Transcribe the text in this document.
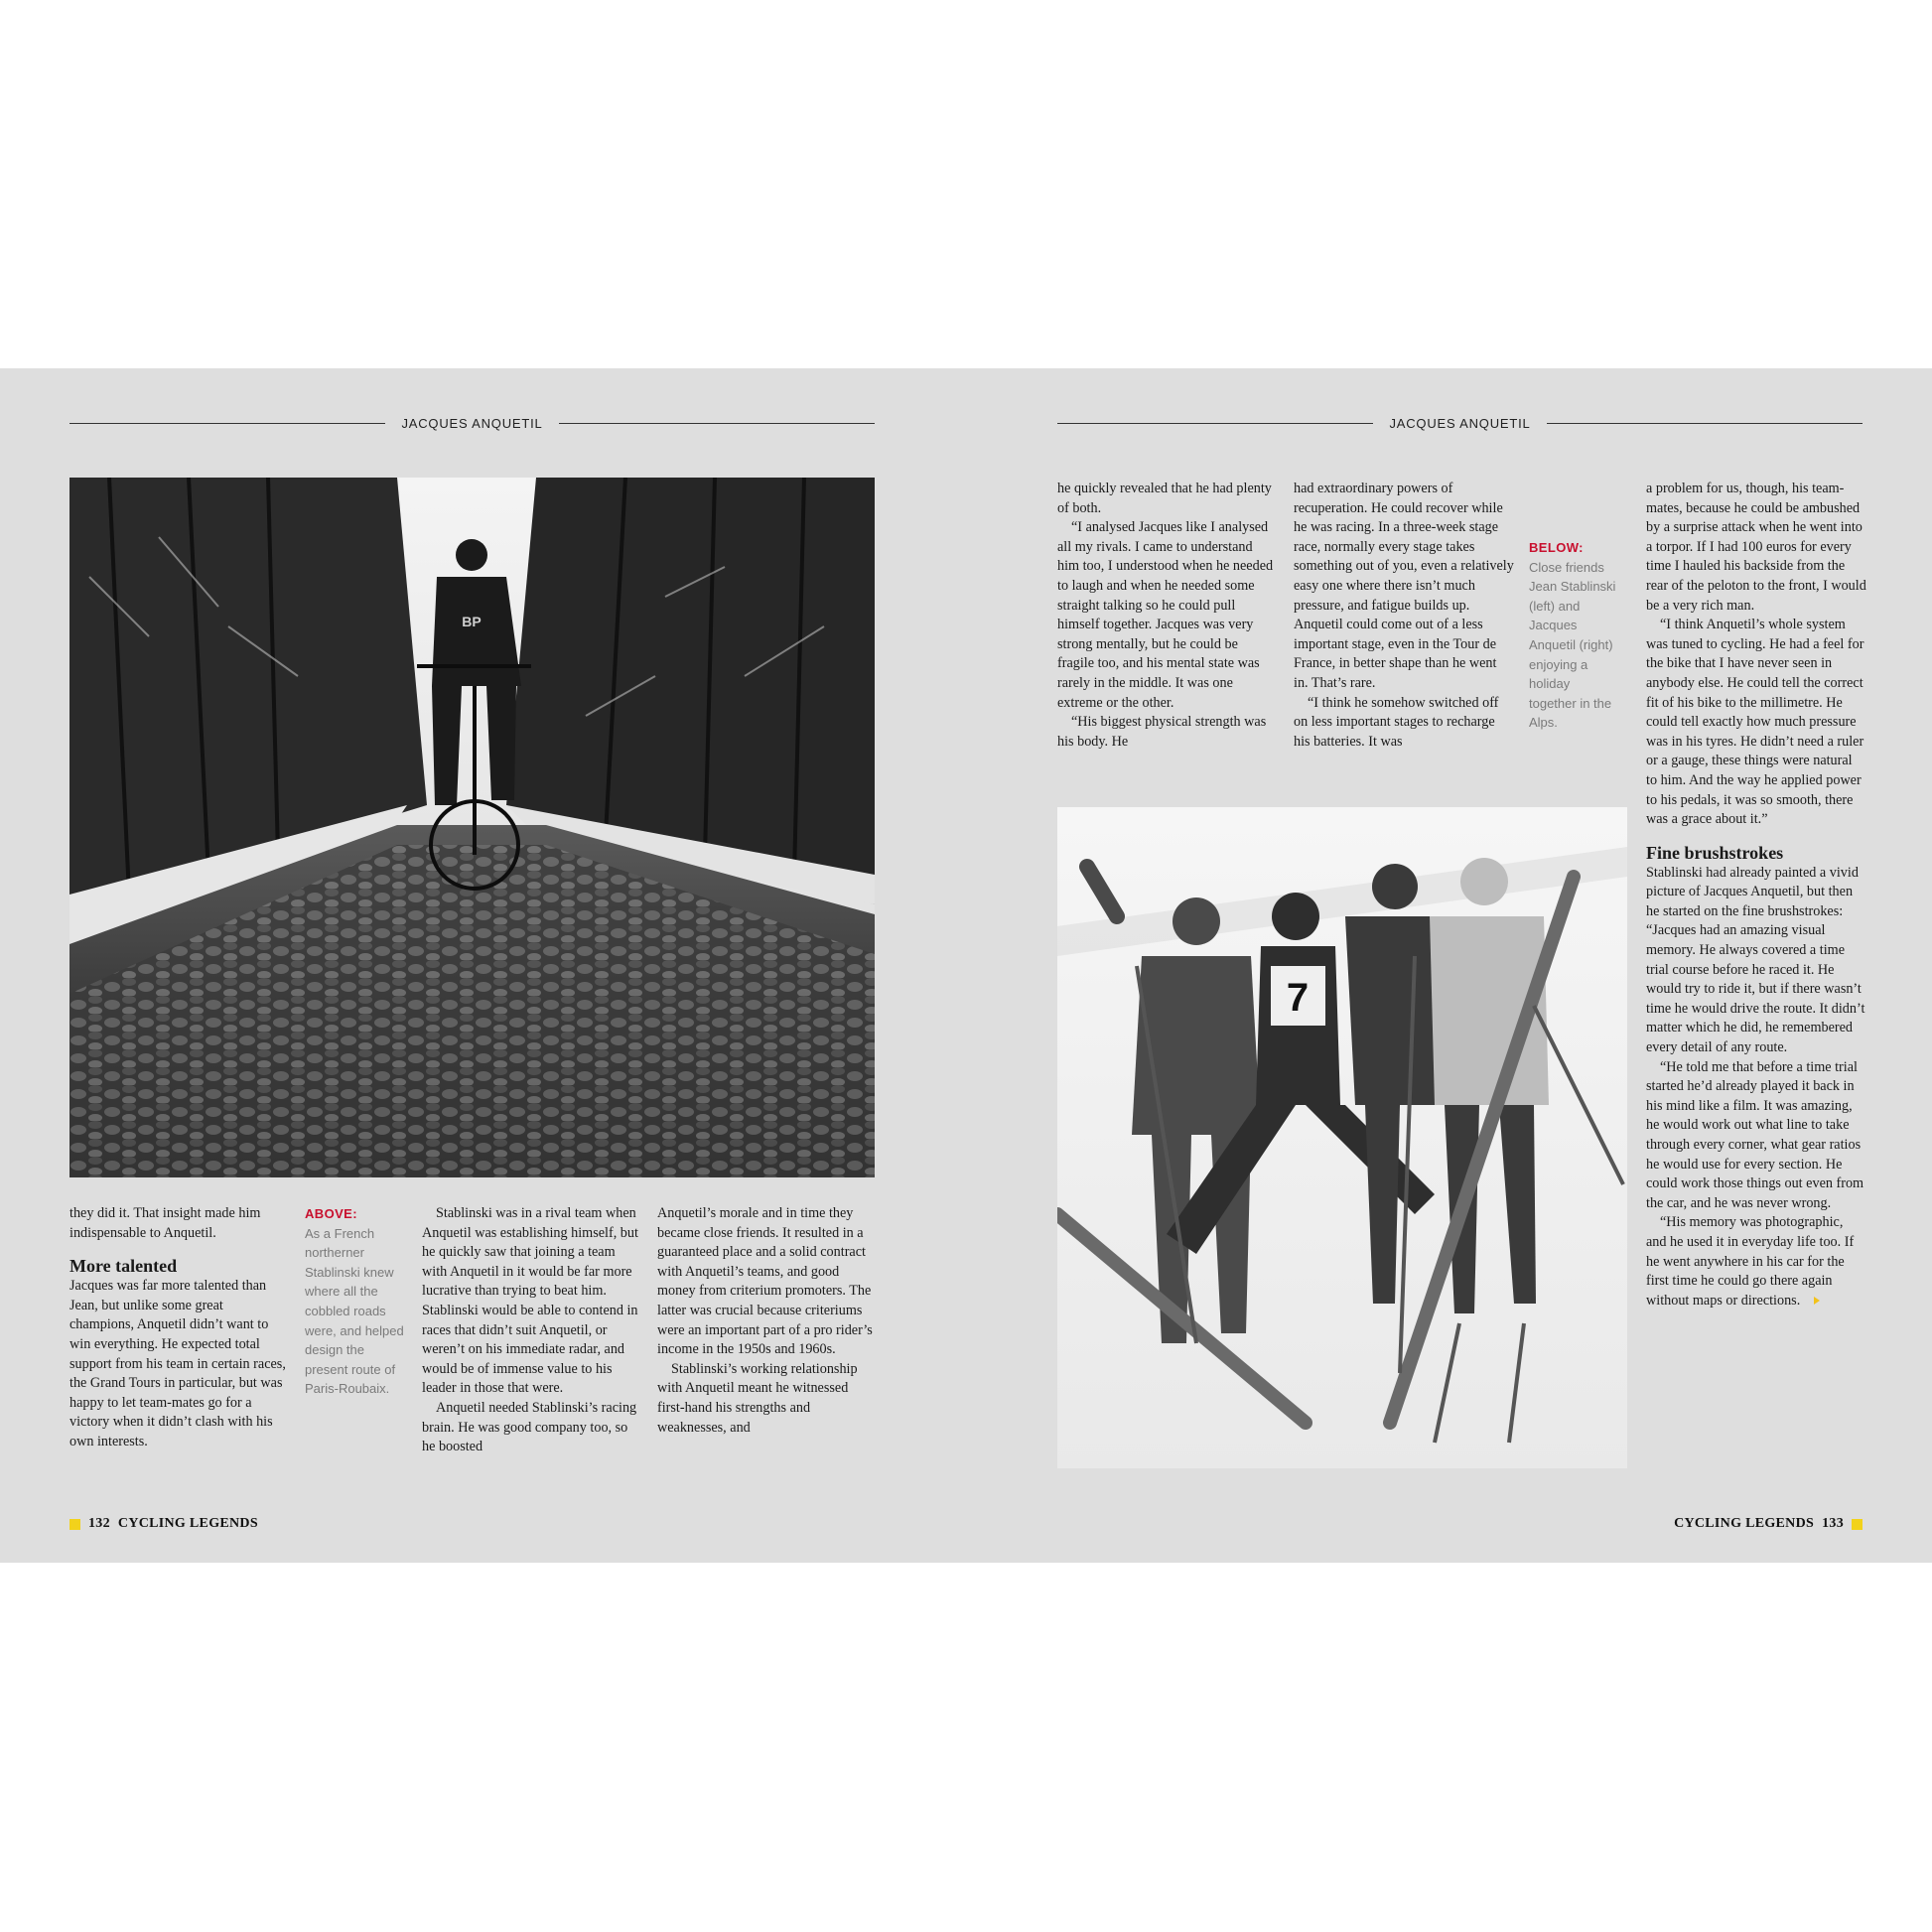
JACQUES ANQUETIL
BP

they did it. That insight made him indispensable to Anquetil.

More talented

Jacques was far more talented than Jean, but unlike some great champions, Anquetil didn’t want to win everything. He expected total support from his team in certain races, the Grand Tours in particular, but was happy to let team-mates go for a victory when it didn’t clash with his own interests.

ABOVE:
As a French northerner Stablinski knew where all the cobbled roads were, and helped design the present route of Paris-Roubaix.

Stablinski was in a rival team when Anquetil was establishing himself, but he quickly saw that joining a team with Anquetil in it would be far more lucrative than trying to beat him. Stablinski would be able to contend in races that didn’t suit Anquetil, or weren’t on his immediate radar, and would be of immense value to his leader in those that were.

Anquetil needed Stablinski’s racing brain. He was good company too, so he boosted

Anquetil’s morale and in time they became close friends. It resulted in a guaranteed place and a solid contract with Anquetil’s teams, and good money from criterium promoters. The latter was crucial because criteriums were an important part of a pro rider’s income in the 1950s and 1960s.

Stablinski’s working relationship with Anquetil meant he witnessed first-hand his strengths and weaknesses, and

132 CYCLING LEGENDS
JACQUES ANQUETIL

he quickly revealed that he had plenty of both.

“I analysed Jacques like I analysed all my rivals. I came to understand him too, I understood when he needed to laugh and when he needed some straight talking so he could pull himself together. Jacques was very strong mentally, but he could be fragile too, and his mental state was rarely in the middle. It was one extreme or the other.

“His biggest physical strength was his body. He

had extraordinary powers of recuperation. He could recover while he was racing. In a three-week stage race, normally every stage takes something out of you, even a relatively easy one where there isn’t much pressure, and fatigue builds up. Anquetil could come out of a less important stage, even in the Tour de France, in better shape than he went in. That’s rare.

“I think he somehow switched off on less important stages to recharge his batteries. It was

BELOW:
Close friends Jean Stablinski (left) and Jacques Anquetil (right) enjoying a holiday together in the Alps.
7

a problem for us, though, his team-mates, because he could be ambushed by a surprise attack when he went into a torpor. If I had 100 euros for every time I hauled his backside from the rear of the peloton to the front, I would be a very rich man.

“I think Anquetil’s whole system was tuned to cycling. He had a feel for the bike that I have never seen in anybody else. He could tell the correct fit of his bike to the millimetre. He could tell exactly how much pressure was in his tyres. He didn’t need a ruler or a gauge, these things were natural to him. And the way he applied power to his pedals, it was so smooth, there was a grace about it.”

Fine brushstrokes

Stablinski had already painted a vivid picture of Jacques Anquetil, but then he started on the fine brushstrokes: “Jacques had an amazing visual memory. He always covered a time trial course before he raced it. He would try to ride it, but if there wasn’t time he would drive the route. It didn’t matter which he did, he remembered every detail of any route.

“He told me that before a time trial started he’d already played it back in his mind like a film. It was amazing, he would work out what line to take through every corner, what gear ratios he would use for every section. He could work those things out even from the car, and he was never wrong.

“His memory was photographic, and he used it in everyday life too. If he went anywhere in his car for the first time he could go there again without maps or directions.

CYCLING LEGENDS 133
